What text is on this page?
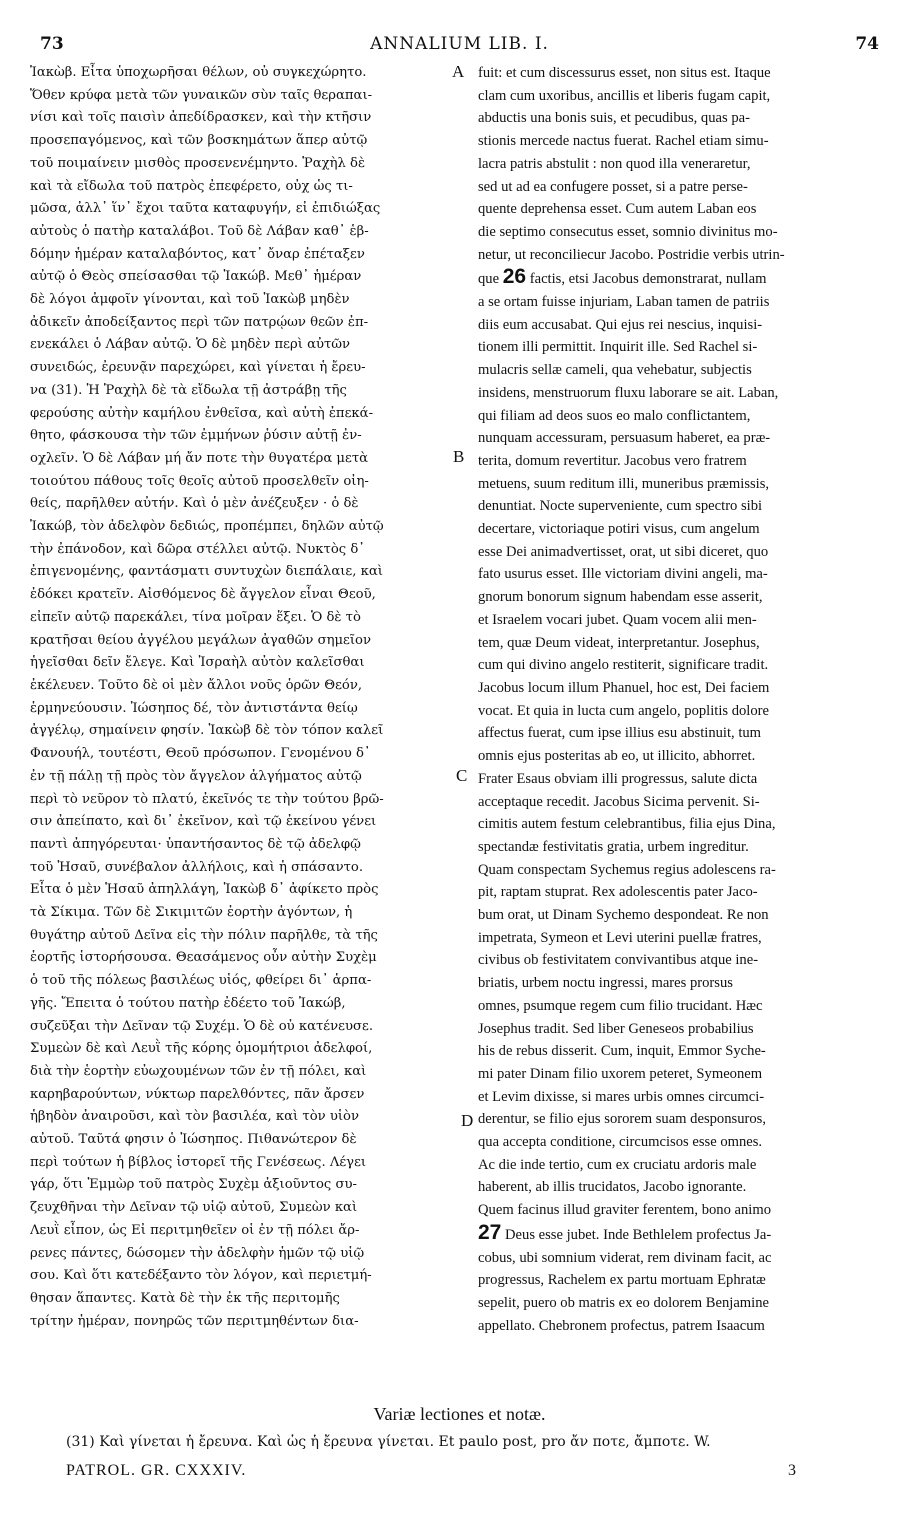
73	ANNALIUM LIB. I.	74
Ἰακὼβ. Εἶτα ὑποχωρῆσαι θέλων, οὐ συγκεχώρητο.
Ὅθεν κρύφα μετὰ τῶν γυναικῶν σὺν ταῖς θεραπαι-
νίσι καὶ τοῖς παισὶν ἀπεδίδρασκεν, καὶ τὴν κτῆσιν
προσεπαγόμενος, καὶ τῶν βοσκημάτων ἅπερ αὐτῷ
τοῦ ποιμαίνειν μισθὸς προσενενέμηντο. Ῥαχὴλ δὲ
καὶ τὰ εἴδωλα τοῦ πατρὸς ἐπεφέρετο, οὐχ ὡς τι-
μῶσα, ἀλλ᾽ ἵν᾽ ἔχοι ταῦτα καταφυγήν, εἰ ἐπιδιώξας
αὐτοὺς ὁ πατὴρ καταλάβοι. Τοῦ δὲ Λάβαν καθ᾽ ἑβ-
δόμην ἡμέραν καταλαβόντος, κατ᾽ ὄναρ ἐπέταξεν
αὐτῷ ὁ Θεὸς σπείσασθαι τῷ Ἰακώβ. Μεθ᾽ ἡμέραν
δὲ λόγοι ἀμφοῖν γίνονται, καὶ τοῦ Ἰακὼβ μηδὲν
ἀδικεῖν ἀποδείξαντος περὶ τῶν πατρῴων θεῶν ἐπ-
ενεκάλει ὁ Λάβαν αὐτῷ. Ὁ δὲ μηδὲν περὶ αὐτῶν
συνειδώς, ἐρευνᾷν παρεχώρει, καὶ γίνεται ἡ ἔρευ-
να (31). Ἡ Ῥαχὴλ δὲ τὰ εἴδωλα τῇ ἀστράβῃ τῆς
φερούσης αὐτὴν καμήλου ἐνθεῖσα, καὶ αὐτὴ ἐπεκά-
θητο, φάσκουσα τὴν τῶν ἐμμήνων ῥύσιν αὐτῇ ἐν-
οχλεῖν. Ὁ δὲ Λάβαν μή ἄν ποτε τὴν θυγατέρα μετὰ
τοιούτου πάθους τοῖς θεοῖς αὐτοῦ προσελθεῖν οἰη-
θείς, παρῆλθεν αὐτήν. Καὶ ὁ μὲν ἀνέζευξεν · ὁ δὲ
Ἰακώβ, τὸν ἀδελφὸν δεδιώς, προπέμπει, δηλῶν αὐτῷ
τὴν ἐπάνοδον, καὶ δῶρα στέλλει αὐτῷ. Νυκτὸς δ᾽
ἐπιγενομένης, φαντάσματι συντυχὼν διεπάλαιε, καὶ
ἐδόκει κρατεῖν. Αἰσθόμενος δὲ ἄγγελον εἶναι Θεοῦ,
εἰπεῖν αὐτῷ παρεκάλει, τίνα μοῖραν ἕξει. Ὁ δὲ τὸ
κρατῆσαι θείου ἀγγέλου μεγάλων ἀγαθῶν σημεῖον
ἡγεῖσθαι δεῖν ἔλεγε. Καὶ Ἰσραὴλ αὐτὸν καλεῖσθαι
ἐκέλευεν. Τοῦτο δὲ οἱ μὲν ἄλλοι νοῦς ὁρῶν Θεόν,
ἑρμηνεύουσιν. Ἰώσηπος δέ, τὸν ἀντιστάντα θείῳ
ἀγγέλῳ, σημαίνειν φησίν. Ἰακὼβ δὲ τὸν τόπον καλεῖ
Φανουήλ, τουτέστι, Θεοῦ πρόσωπον. Γενομένου δ᾽
ἐν τῇ πάλῃ τῇ πρὸς τὸν ἄγγελον ἀλγήματος αὐτῷ
περὶ τὸ νεῦρον τὸ πλατύ, ἐκεῖνός τε τὴν τούτου βρῶ-
σιν ἀπείπατο, καὶ δι᾽ ἐκεῖνον, καὶ τῷ ἐκείνου γένει
παντὶ ἀπηγόρευται· ὑπαντήσαντος δὲ τῷ ἀδελφῷ
τοῦ Ἡσαῦ, συνέβαλον ἀλλήλοις, καὶ ἡ σπάσαντο.
Εἶτα ὁ μὲν Ἡσαῦ ἀπηλλάγη, Ἰακὼβ δ᾽ ἀφίκετο πρὸς
τὰ Σίκιμα. Τῶν δὲ Σικιμιτῶν ἑορτὴν ἀγόντων, ἡ
θυγάτηρ αὐτοῦ Δεῖνα εἰς τὴν πόλιν παρῆλθε, τὰ τῆς
ἑορτῆς ἱστορήσουσα. Θεασάμενος οὖν αὐτὴν Συχὲμ
ὁ τοῦ τῆς πόλεως βασιλέως υἱός, φθείρει δι᾽ ἁρπα-
γῆς. Ἔπειτα ὁ τούτου πατὴρ ἐδέετο τοῦ Ἰακώβ,
συζεῦξαι τὴν Δεῖναν τῷ Συχέμ. Ὁ δὲ οὐ κατένευσε.
Συμεὼν δὲ καὶ Λευῒ τῆς κόρης ὁμομήτριοι ἀδελφοί,
διὰ τὴν ἑορτὴν εὐωχουμένων τῶν ἐν τῇ πόλει, καὶ
καρηβαρούντων, νύκτωρ παρελθόντες, πᾶν ἄρσεν
ἡβηδὸν ἀναιροῦσι, καὶ τὸν βασιλέα, καὶ τὸν υἱὸν
αὐτοῦ. Ταῦτά φησιν ὁ Ἰώσηπος. Πιθανώτερον δὲ
περὶ τούτων ἡ βίβλος ἱστορεῖ τῆς Γενέσεως. Λέγει
γάρ, ὅτι Ἐμμὼρ τοῦ πατρὸς Συχὲμ ἀξιοῦντος συ-
ζευχθῆναι τὴν Δεῖναν τῷ υἱῷ αὐτοῦ, Συμεὼν καὶ
Λευῒ εἶπον, ὡς Εἰ περιτμηθεῖεν οἱ ἐν τῇ πόλει ἄρ-
ρενες πάντες, δώσομεν τὴν ἀδελφὴν ἡμῶν τῷ υἱῷ
σου. Καὶ ὅτι κατεδέξαντο τὸν λόγον, καὶ περιετμή-
θησαν ἅπαντες. Κατὰ δὲ τὴν ἐκ τῆς περιτομῆς
τρίτην ἡμέραν, πονηρῶς τῶν περιτμηθέντων δια-
fuit: et cum discessurus esset, non situs est. Itaque
clam cum uxoribus, ancillis et liberis fugam capit,
abductis una bonis suis, et pecudibus, quas pa-
stionis mercede nactus fuerat. Rachel etiam simu-
lacra patris abstulit : non quod illa veneraretur,
sed ut ad ea confugere posset, si a patre perse-
quente deprehensa esset. Cum autem Laban eos
die septimo consecutus esset, somnio divinitus mo-
netur, ut reconciliecur Jacobo. Postridie verbis utrin-
que 26 factis, etsi Jacobus demonstrarat, nullam
a se ortam fuisse injuriam, Laban tamen de patriis
diis eum accusabat. Qui ejus rei nescius, inquisi-
tionem illi permittit. Inquirit ille. Sed Rachel si-
mulacris sellæ cameli, qua vehebatur, subjectis
insidens, menstruorum fluxu laborare se ait. Laban,
qui filiam ad deos suos eo malo conflictantem,
nunquam accessuram, persuasum haberet, ea præ-
terita, domum revertitur. Jacobus vero fratrem
metuens, suum reditum illi, muneribus præmissis,
denuntiat. Nocte superveniente, cum spectro sibi
decertare, victoriaque potiri visus, cum angelum
esse Dei animadvertisset, orat, ut sibi diceret, quo
fato usurus esset. Ille victoriam divini angeli, ma-
gnorum bonorum signum habendam esse asserit,
et Israelem vocari jubet. Quam vocem alii men-
tem, quæ Deum videat, interpretantur. Josephus,
cum qui divino angelo restiterit, significare tradit.
Jacobus locum illum Phanuel, hoc est, Dei faciem
vocat. Et quia in lucta cum angelo, poplitis dolore
affectus fuerat, cum ipse illius esu abstinuit, tum
omnis ejus posteritas ab eo, ut illicito, abhorret.
Frater Esaus obviam illi progressus, salute dicta
acceptaque recedit. Jacobus Sicima pervenit. Si-
cimitis autem festum celebrantibus, filia ejus Dina,
spectandæ festivitatis gratia, urbem ingreditur.
Quam conspectam Sychemus regius adolescens ra-
pit, raptam stuprat. Rex adolescentis pater Jaco-
bum orat, ut Dinam Sychemo despondeat. Re non
impetrata, Symeon et Levi uterini puellæ fratres,
civibus ob festivitatem convivantibus atque ine-
briatis, urbem noctu ingressi, mares prorsus
omnes, psumque regem cum filio trucidant. Hæc
Josephus tradit. Sed liber Geneseos probabilius
his de rebus disserit. Cum, inquit, Emmor Syche-
mi pater Dinam filio uxorem peteret, Symeonem
et Levim dixisse, si mares urbis omnes circumci-
derentur, se filio ejus sororem suam desponsuros,
qua accepta conditione, circumcisos esse omnes.
Ac die inde tertio, cum ex cruciatu ardoris male
haberent, ab illis trucidatos, Jacobo ignorante.
Quem facinus illud graviter ferentem, bono animo
27 Deus esse jubet. Inde Bethlelem profectus Ja-
cobus, ubi somnium viderat, rem divinam facit, ac
progressus, Rachelem ex partu mortuam Ephratæ
sepelit, puero ob matris ex eo dolorem Benjamine
appellato. Chebronem profectus, patrem Isaacum
A
B
C
D
Variæ lectiones et notæ.
(31) Καὶ γίνεται ἡ ἔρευνα. Καὶ ὡς ἡ ἔρευνα γίνεται. Et paulo post, pro ἄν ποτε, ἄμποτε. W.
PATROL. GR. CXXXIV.	3
